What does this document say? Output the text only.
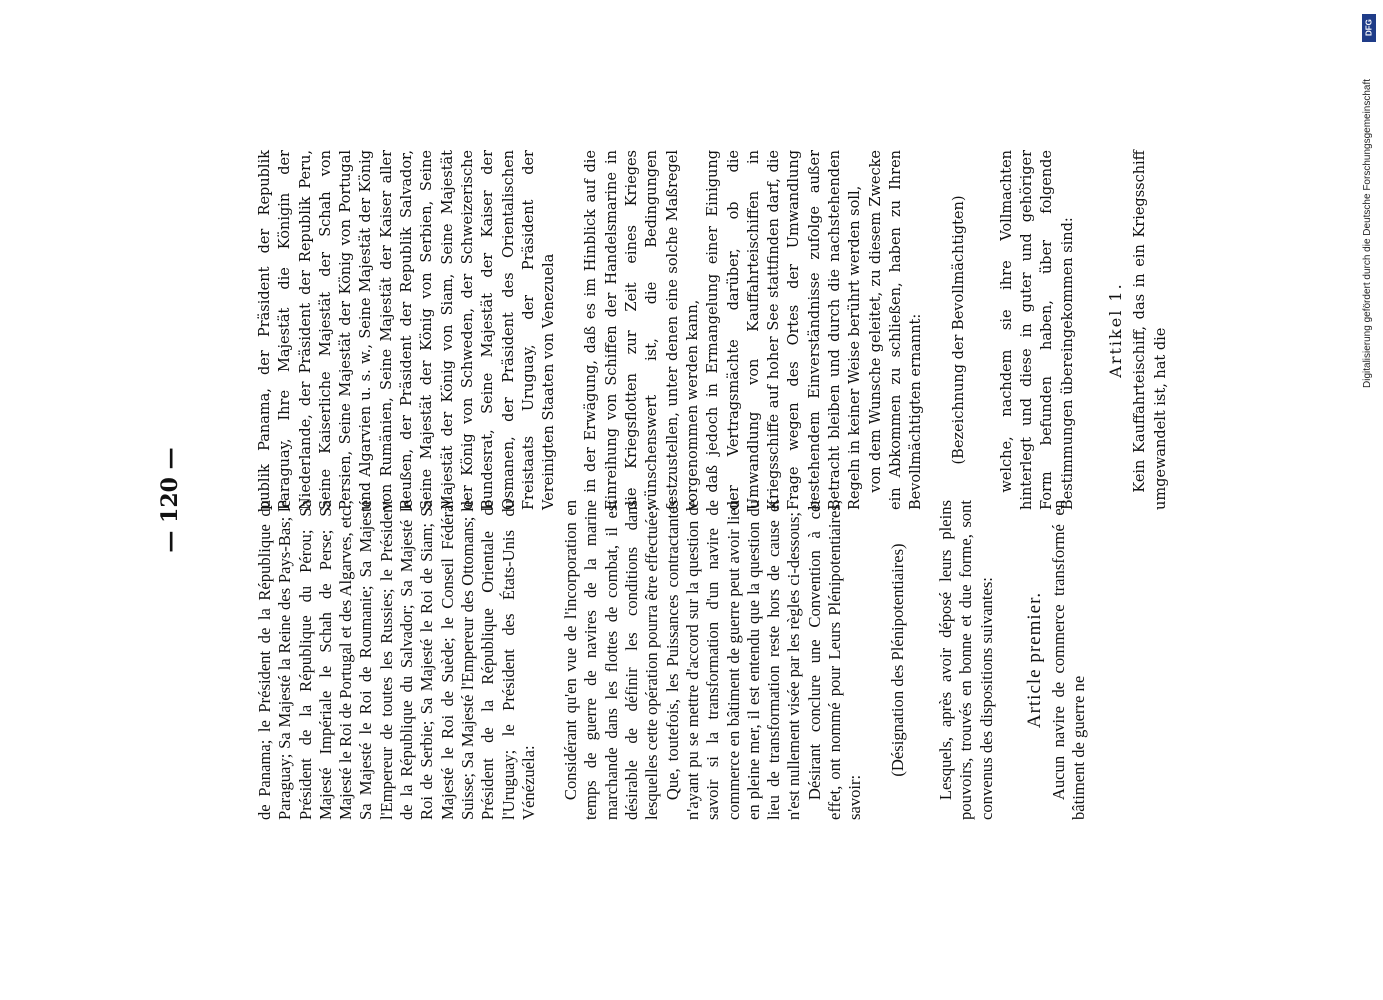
— 120 —	de Panama; le Président de la République du Paraguay; Sa Majesté la Reine des Pays-Bas; le Président de la République du Pérou; Sa Majesté Impériale le Schah de Perse; Sa Majesté le Roi de Portugal et des Algarves, etc.; Sa Majesté le Roi de Roumanie; Sa Majesté l'Empereur de toutes les Russies; le Président de la République du Salvador; Sa Majesté le Roi de Serbie; Sa Majesté le Roi de Siam; Sa Majesté le Roi de Suède; le Conseil Fédéral Suisse; Sa Majesté l'Empereur des Ottomans; le Président de la République Orientale de l'Uruguay; le Président des États-Unis du Vénézuéla: Considérant qu'en vue de l'incorporation en temps de guerre de navires de la marine marchande dans les flottes de combat, il est désirable de définir les conditions dans lesquelles cette opération pourra être effectuée; Que, toutefois, les Puissances contractantes n'ayant pu se mettre d'accord sur la question de savoir si la transformation d'un navire de commerce en bâtiment de guerre peut avoir lieu en pleine mer, il est entendu que la question du lieu de transformation reste hors de cause et n'est nullement visée par les règles ci-dessous; Désirant conclure une Convention à cet effet, ont nommé pour Leurs Plénipotentiaires, savoir:
(Désignation des Plénipotentiaires) Lesquels, après avoir déposé leurs pleins pouvoirs, trouvés en bonne et due forme, sont convenus des dispositions suivantes: Article premier. Aucun navire de commerce transformé en bâtiment de guerre ne
publik Panama, der Präsident der Republik Paraguay, Ihre Majestät die Königin der Niederlande, der Präsident der Republik Peru, Seine Kaiserliche Majestät der Schah von Persien, Seine Majestät der König von Portugal und Algarvien u. s. w., Seine Majestät der König von Rumänien, Seine Majestät der Kaiser aller Reußen, der Präsident der Republik Salvador, Seine Majestät der König von Serbien, Seine Majestät der König von Siam, Seine Majestät der König von Schweden, der Schweizerische Bundesrat, Seine Majestät der Kaiser der Osmanen, der Präsident des Orientalischen Freistaats Uruguay, der Präsident der Vereinigten Staaten von Venezuela in der Erwägung, daß es im Hinblick auf die Einreihung von Schiffen der Handelsmarine in die Kriegsflotten zur Zeit eines Krieges wünschenswert ist, die Bedingungen festzustellen, unter denen eine solche Maßregel vorgenommen werden kann, daß jedoch in Ermangelung einer Einigung der Vertragsmächte darüber, ob die Umwandlung von Kauffahrteischiffen in Kriegsschiffe auf hoher See stattfinden darf, die Frage wegen des Ortes der Umwandlung bestehendem Einverständnisse zufolge außer Betracht bleiben und durch die nachstehenden Regeln in keiner Weise berührt werden soll, von dem Wunsche geleitet, zu diesem Zwecke ein Abkommen zu schließen, haben zu Ihren Bevollmächtigten ernannt: (Bezeichnung der Bevollmächtigten) welche, nachdem sie ihre Vollmachten hinterlegt und diese in guter und gehöriger Form befunden haben, über folgende Bestimmungen übereingekommen sind: Artikel 1. Kein Kauffahrteischiff, das in ein Kriegsschiff umgewandelt ist, hat die
DFG
Digitalisierung gefördert durch die Deutsche Forschungsgemeinschaft
